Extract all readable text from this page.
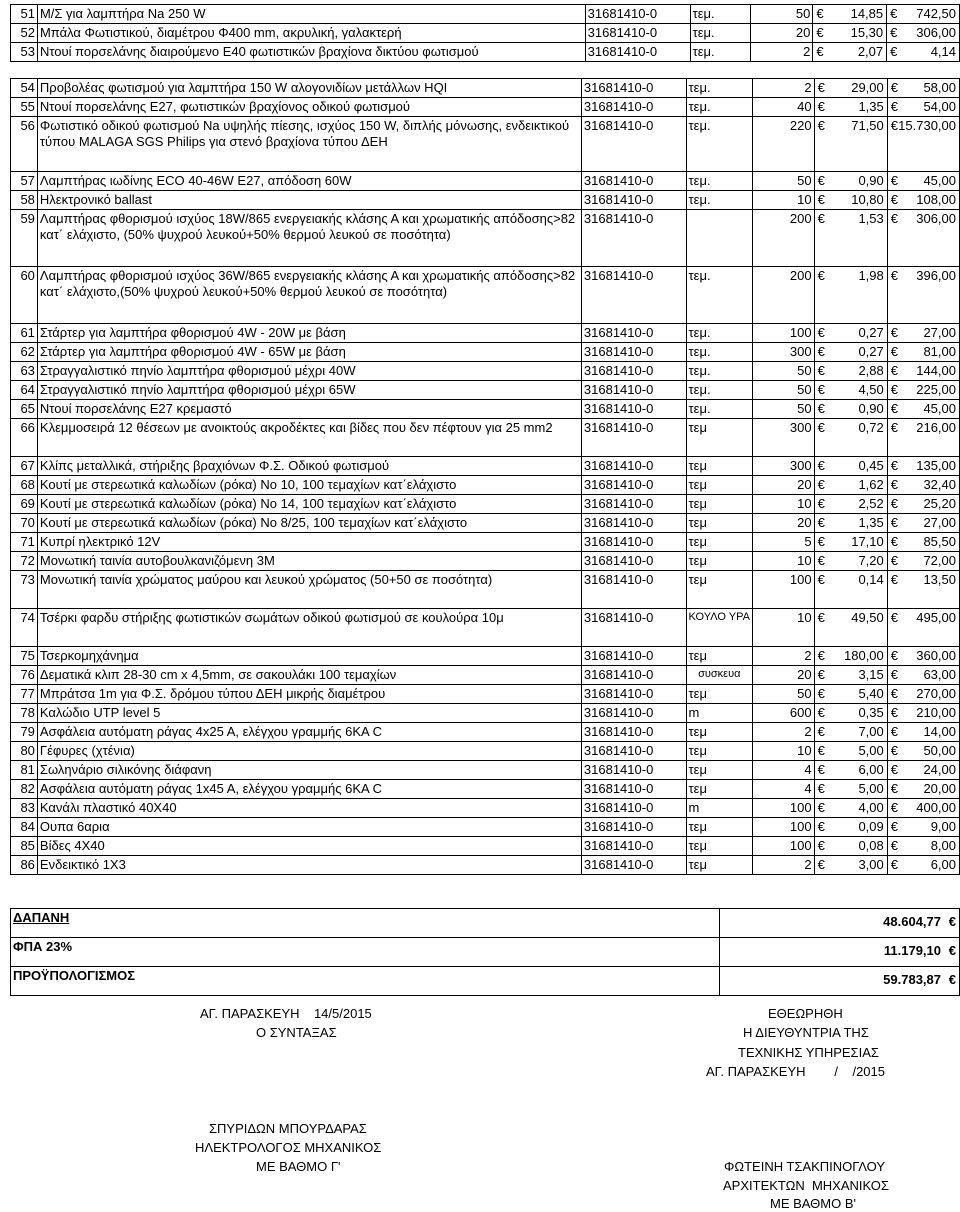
51	Μ/Σ για λαμπτήρα Na 250 W	31681410-0	τεμ.	50	€ 14,85	€ 742,50

52	Μπάλα Φωτιστικού, διαμέτρου Φ400 mm, ακρυλική, γαλακτερή	31681410-0	τεμ.	20	€ 15,30	€ 306,00

53	Ντουί πορσελάνης διαιρούμενο Ε40 φωτιστικών βραχίονα δικτύου φωτισμού	31681410-0	τεμ.	2	€ 2,07	€ 4,14
54	Προβολέας φωτισμού για λαμπτήρα 150 W αλογονιδίων μετάλλων HQI	31681410-0	τεμ.	2	€ 29,00	€ 58,00

55	Ντουί πορσελάνης Ε27, φωτιστικών βραχίονος οδικού φωτισμού	31681410-0	τεμ.	40	€ 1,35	€ 54,00

56	Φωτιστικό οδικού φωτισμού Na υψηλής πίεσης, ισχύος 150 W, διπλής μόνωσης, ενδεικτικού τύπου MALAGA SGS Philips για στενό βραχίονα τύπου ΔΕΗ	31681410-0	τεμ.	220	€ 71,50	€ 15.730,00

57	Λαμπτήρας ιωδίνης ECO 40-46W E27, απόδοση 60W	31681410-0	τεμ.	50	€ 0,90	€ 45,00

58	Ηλεκτρονικό ballast	31681410-0	τεμ.	10	€ 10,80	€ 108,00

59	Λαμπτήρας φθορισμού ισχύος 18W/865 ενεργειακής κλάσης Α και χρωματικής απόδοσης>82 κατ΄ ελάχιστο, (50% ψυχρού λευκού+50% θερμού λευκού σε ποσότητα)	31681410-0		200	€ 1,53	€ 306,00

60	Λαμπτήρας φθορισμού ισχύος 36W/865 ενεργειακής κλάσης Α και χρωματικής απόδοσης>82 κατ΄ ελάχιστο,(50% ψυχρού λευκού+50% θερμού λευκού σε ποσότητα)	31681410-0	τεμ.	200	€ 1,98	€ 396,00

61	Στάρτερ για λαμπτήρα φθορισμού 4W - 20W με βάση	31681410-0	τεμ.	100	€ 0,27	€ 27,00

62	Στάρτερ για λαμπτήρα φθορισμού 4W - 65W με βάση	31681410-0	τεμ.	300	€ 0,27	€ 81,00

63	Στραγγαλιστικό πηνίο λαμπτήρα φθορισμού μέχρι 40W	31681410-0	τεμ.	50	€ 2,88	€ 144,00

64	Στραγγαλιστικό πηνίο λαμπτήρα φθορισμού μέχρι 65W	31681410-0	τεμ.	50	€ 4,50	€ 225,00

65	Ντουί πορσελάνης Ε27 κρεμαστό	31681410-0	τεμ.	50	€ 0,90	€ 45,00

66	Κλεμμοσειρά 12 θέσεων με ανοικτούς ακροδέκτες και βίδες που δεν πέφτουν για 25 mm2	31681410-0	τεμ	300	€ 0,72	€ 216,00

67	Κλίπς μεταλλικά, στήριξης βραχιόνων Φ.Σ. Οδικού φωτισμού	31681410-0	τεμ	300	€ 0,45	€ 135,00

68	Κουτί με στερεωτικά καλωδίων (ρόκα) Νο 10, 100 τεμαχίων κατ΄ελάχιστο	31681410-0	τεμ	20	€ 1,62	€ 32,40

69	Κουτί με στερεωτικά καλωδίων (ρόκα) Νο 14, 100 τεμαχίων κατ΄ελάχιστο	31681410-0	τεμ	10	€ 2,52	€ 25,20

70	Κουτί με στερεωτικά καλωδίων (ρόκα) Νο 8/25, 100 τεμαχίων κατ΄ελάχιστο	31681410-0	τεμ	20	€ 1,35	€ 27,00

71	Κυπρί ηλεκτρικό 12V	31681410-0	τεμ	5	€ 17,10	€ 85,50

72	Μονωτική ταινία αυτοβουλκανιζόμενη 3Μ	31681410-0	τεμ	10	€ 7,20	€ 72,00

73	Μονωτική ταινία χρώματος μαύρου και λευκού χρώματος (50+50 σε ποσότητα)	31681410-0	τεμ	100	€ 0,14	€ 13,50

74	Τσέρκι φαρδυ στήριξης φωτιστικών σωμάτων οδικού φωτισμού σε κουλούρα 10μ	31681410-0	ΚΟΥΛΟ ΥΡΑ	10	€ 49,50	€ 495,00

75	Τσερκομηχάνημα	31681410-0	τεμ	2	€ 180,00	€ 360,00

76	Δεματικά κλιπ 28-30 cm x 4,5mm, σε σακουλάκι 100 τεμαχίων	31681410-0	συσκευα	20	€ 3,15	€ 63,00

77	Μπράτσα 1m για Φ.Σ. δρόμου τύπου ΔΕΗ μικρής διαμέτρου	31681410-0	τεμ	50	€ 5,40	€ 270,00

78	Καλώδιο UTP level 5	31681410-0	m	600	€ 0,35	€ 210,00

79	Ασφάλεια αυτόματη ράγας 4x25 A, ελέγχου γραμμής 6KA C	31681410-0	τεμ	2	€ 7,00	€ 14,00

80	Γέφυρες (χτένια)	31681410-0	τεμ	10	€ 5,00	€ 50,00

81	Σωληνάριο σιλικόνης διάφανη	31681410-0	τεμ	4	€ 6,00	€ 24,00

82	Ασφάλεια αυτόματη ράγας 1x45 A, ελέγχου γραμμής 6KA C	31681410-0	τεμ	4	€ 5,00	€ 20,00

83	Κανάλι πλαστικό 40Χ40	31681410-0	m	100	€ 4,00	€ 400,00

84	Ουπα 6αρια	31681410-0	τεμ	100	€ 0,09	€ 9,00

85	Βίδες 4Χ40	31681410-0	τεμ	100	€ 0,08	€ 8,00

86	Ενδεικτικό 1Χ3	31681410-0	τεμ	2	€ 3,00	€ 6,00
ΔΑΠΑΝΗ	48.604,77 €

ΦΠΑ 23%	11.179,10 €

ΠΡΟΫΠΟΛΟΓΙΣΜΟΣ	59.783,87 €
ΑΓ. ΠΑΡΑΣΚΕΥΗ    14/5/2015
Ο ΣΥΝΤΑΞΑΣ
ΕΘΕΩΡΗΘΗ
Η ΔΙΕΥΘΥΝΤΡΙΑ ΤΗΣ
ΤΕΧΝΙΚΗΣ ΥΠΗΡΕΣΙΑΣ
ΑΓ. ΠΑΡΑΣΚΕΥΗ        /    /2015
ΣΠΥΡΙΔΩΝ ΜΠΟΥΡΔΑΡΑΣ
ΗΛΕΚΤΡΟΛΟΓΟΣ ΜΗΧΑΝΙΚΟΣ
ΜΕ ΒΑΘΜΟ Γ'	ΦΩΤΕΙΝΗ ΤΣΑΚΠΙΝΟΓΛΟΥ
ΑΡΧΙΤΕΚΤΩΝ  ΜΗΧΑΝΙΚΟΣ
ΜΕ ΒΑΘΜΟ Β'
